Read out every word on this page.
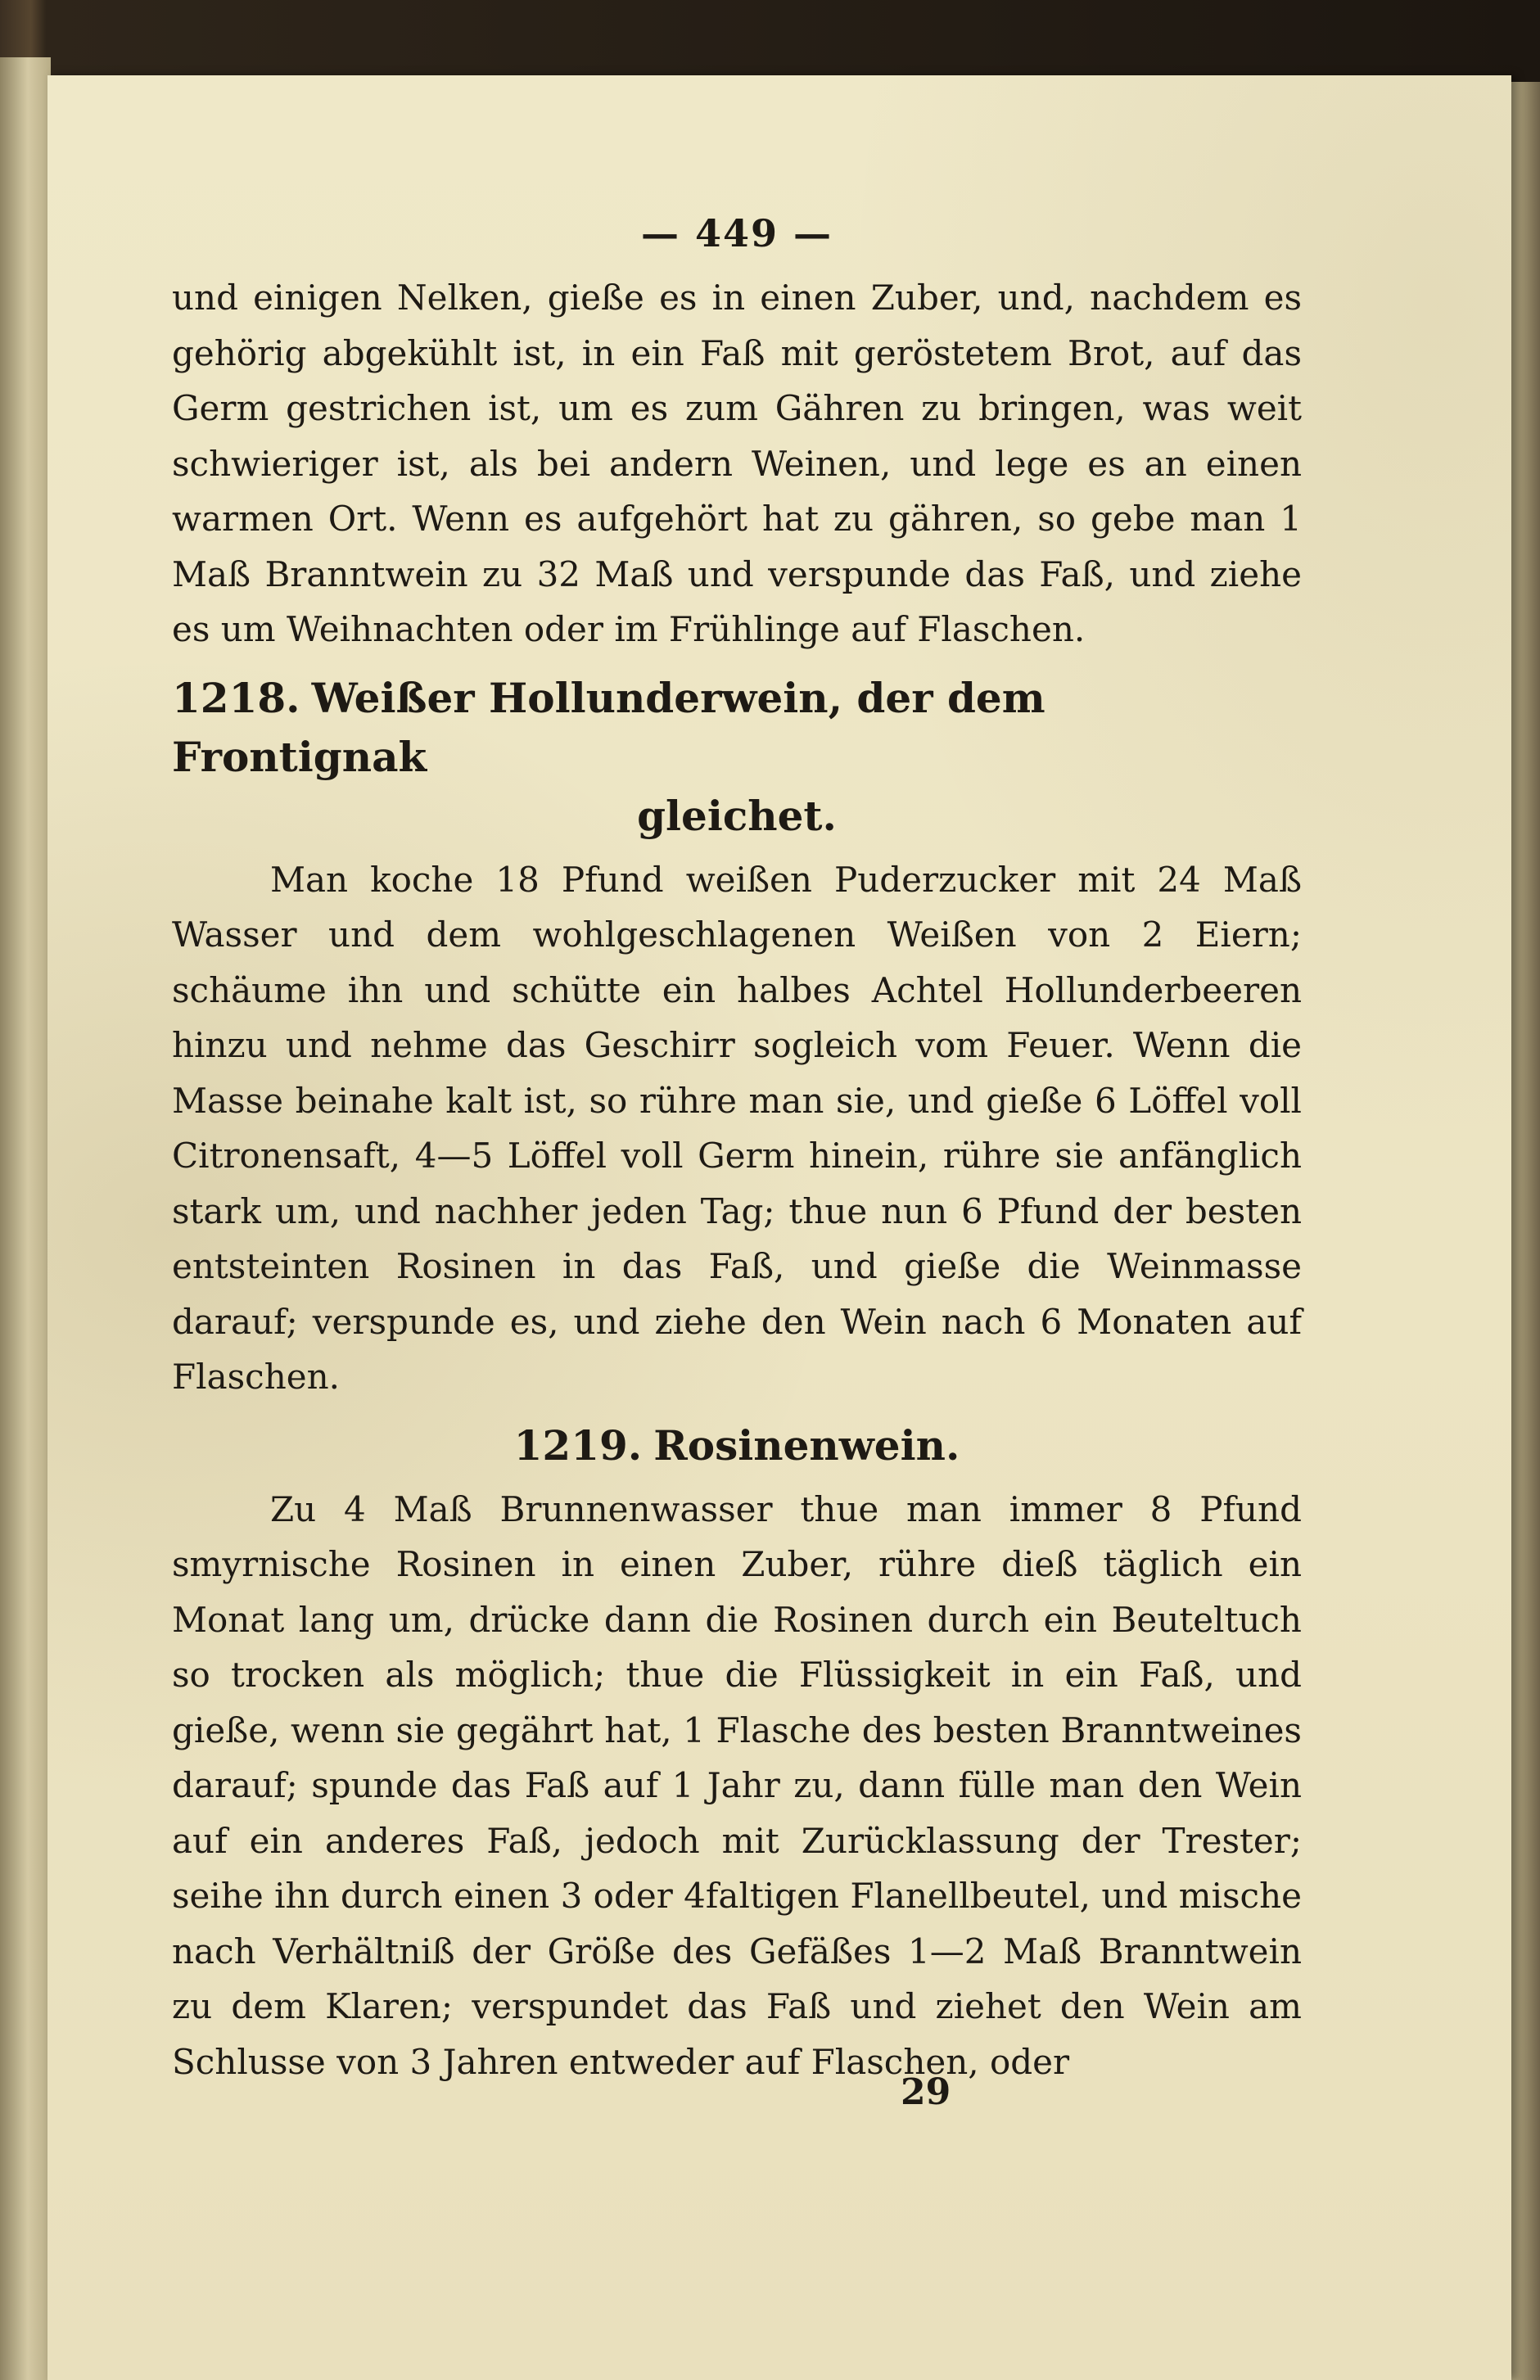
— 449 —

und einigen Nelken, gieße es in einen Zuber, und, nachdem es gehörig abgekühlt ist, in ein Faß mit geröstetem Brot, auf das Germ gestrichen ist, um es zum Gähren zu bringen, was weit schwieriger ist, als bei andern Weinen, und lege es an einen warmen Ort. Wenn es aufgehört hat zu gähren, so gebe man 1 Maß Branntwein zu 32 Maß und verspunde das Faß, und ziehe es um Weihnachten oder im Frühlinge auf Flaschen.

1218. Weißer Hollunderwein, der dem Frontignak
gleichet.

Man koche 18 Pfund weißen Puderzucker mit 24 Maß Wasser und dem wohlgeschlagenen Weißen von 2 Eiern; schäume ihn und schütte ein halbes Achtel Hollunderbeeren hinzu und nehme das Geschirr sogleich vom Feuer. Wenn die Masse beinahe kalt ist, so rühre man sie, und gieße 6 Löffel voll Citronensaft, 4—5 Löffel voll Germ hinein, rühre sie anfänglich stark um, und nachher jeden Tag; thue nun 6 Pfund der besten entsteinten Rosinen in das Faß, und gieße die Weinmasse darauf; verspunde es, und ziehe den Wein nach 6 Monaten auf Flaschen.

1219. Rosinenwein.

Zu 4 Maß Brunnenwasser thue man immer 8 Pfund smyrnische Rosinen in einen Zuber, rühre dieß täglich ein Monat lang um, drücke dann die Rosinen durch ein Beuteltuch so trocken als möglich; thue die Flüssigkeit in ein Faß, und gieße, wenn sie gegährt hat, 1 Flasche des besten Branntweines darauf; spunde das Faß auf 1 Jahr zu, dann fülle man den Wein auf ein anderes Faß, jedoch mit Zurücklassung der Trester; seihe ihn durch einen 3 oder 4faltigen Flanellbeutel, und mische nach Verhältniß der Größe des Gefäßes 1—2 Maß Branntwein zu dem Klaren; verspundet das Faß und ziehet den Wein am Schlusse von 3 Jahren entweder auf Flaschen, oder

29
